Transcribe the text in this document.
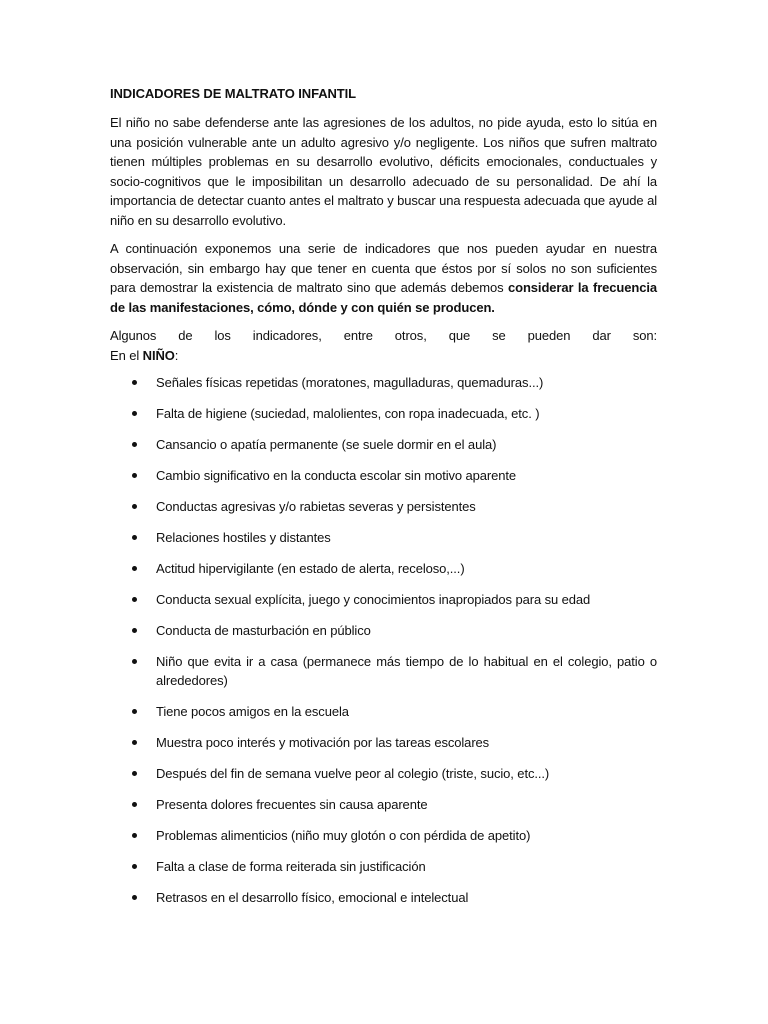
INDICADORES DE MALTRATO INFANTIL

El niño no sabe defenderse ante las agresiones de los adultos, no pide ayuda, esto lo sitúa en una posición vulnerable ante un adulto agresivo y/o negligente. Los niños que sufren maltrato tienen múltiples problemas en su desarrollo evolutivo, déficits emocionales, conductuales y socio-cognitivos que le imposibilitan un desarrollo adecuado de su personalidad. De ahí la importancia de detectar cuanto antes el maltrato y buscar una respuesta adecuada que ayude al niño en su desarrollo evolutivo.

A continuación exponemos una serie de indicadores que nos pueden ayudar en nuestra observación, sin embargo hay que tener en cuenta que éstos por sí solos no son suficientes para demostrar la existencia de maltrato sino que además debemos considerar la frecuencia de las manifestaciones, cómo, dónde y con quién se producen.

Algunos de los indicadores, entre otros, que se pueden dar son:
En el NIÑO:

Señales físicas repetidas (moratones, magulladuras, quemaduras...)
Falta de higiene (suciedad, malolientes, con ropa inadecuada, etc. )
Cansancio o apatía permanente (se suele dormir en el aula)
Cambio significativo en la conducta escolar sin motivo aparente
Conductas agresivas y/o rabietas severas y persistentes
Relaciones hostiles y distantes
Actitud hipervigilante (en estado de alerta, receloso,...)
Conducta sexual explícita, juego y conocimientos inapropiados para su edad
Conducta de masturbación en público
Niño que evita ir a casa (permanece más tiempo de lo habitual en el colegio, patio o alrededores)
Tiene pocos amigos en la escuela
Muestra poco interés y motivación por las tareas escolares
Después del fin de semana vuelve peor al colegio (triste, sucio, etc...)
Presenta dolores frecuentes sin causa aparente
Problemas alimenticios (niño muy glotón o con pérdida de apetito)
Falta a clase de forma reiterada sin justificación
Retrasos en el desarrollo físico, emocional e intelectual
